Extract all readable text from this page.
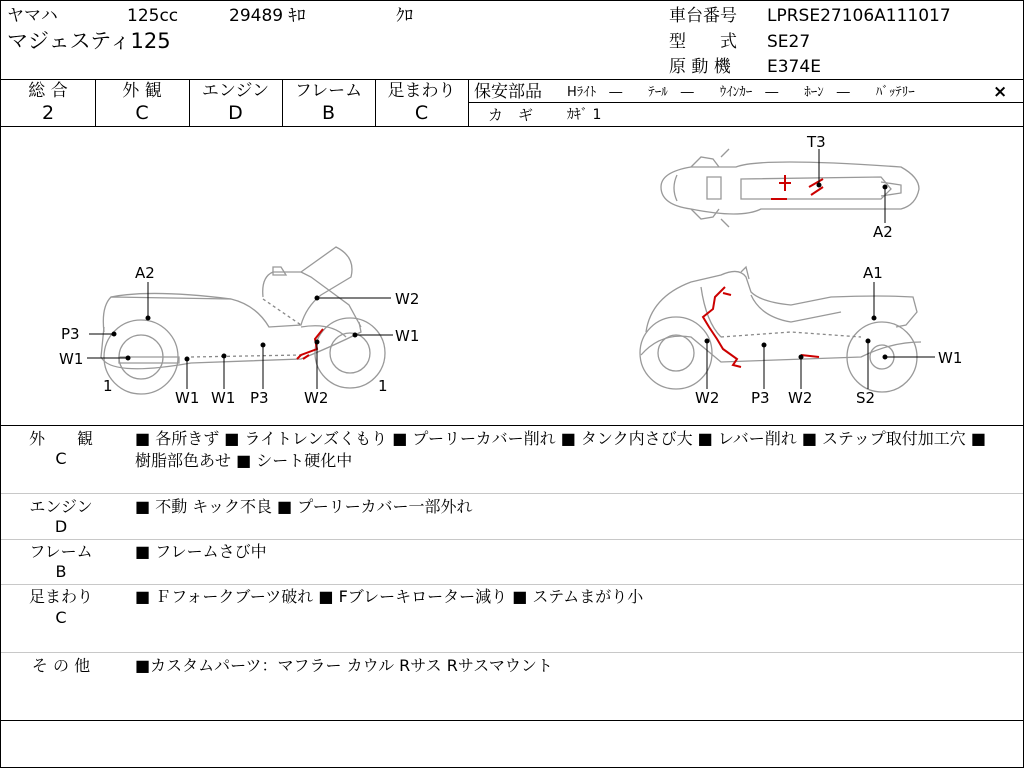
ヤマハ	125cc	29489 ｷﾛ	ｸﾛ
マジェスティ125
車台番号 LPRSE27106A111017
型　　式 SE27
原 動 機 E374E
総 合
2
外 観
C
エンジン
D
フレーム
B
足まわり
C
保安部品 Hﾗｲﾄ　―　　ﾃｰﾙ　―　　ｳｲﾝｶｰ　―　　ﾎｰﾝ　―　　ﾊﾞｯﾃﾘｰ	×
カ　ギ ｶｷﾞ 1
A2
P3
W1
1
W2
W1
W1 W1 P3 W2
1
T3
A2
A1
W1
W2 P3 W2	S2
外　　観
C
■ 各所きず ■ ライトレンズくもり ■ プーリーカバー削れ ■ タンク内さび大 ■ レバー削れ ■ ステップ取付加工穴 ■ 樹脂部色あせ ■ シート硬化中
エンジン
D
■ 不動 キック不良 ■ プーリーカバー一部外れ
フレーム
B
■ フレームさび中
足まわり
C
■ Ｆフォークブーツ破れ ■ Fブレーキローター減り ■ ステムまがり小
そ の 他	■カスタムパーツ：マフラー カウル Rサス Rサスマウント
